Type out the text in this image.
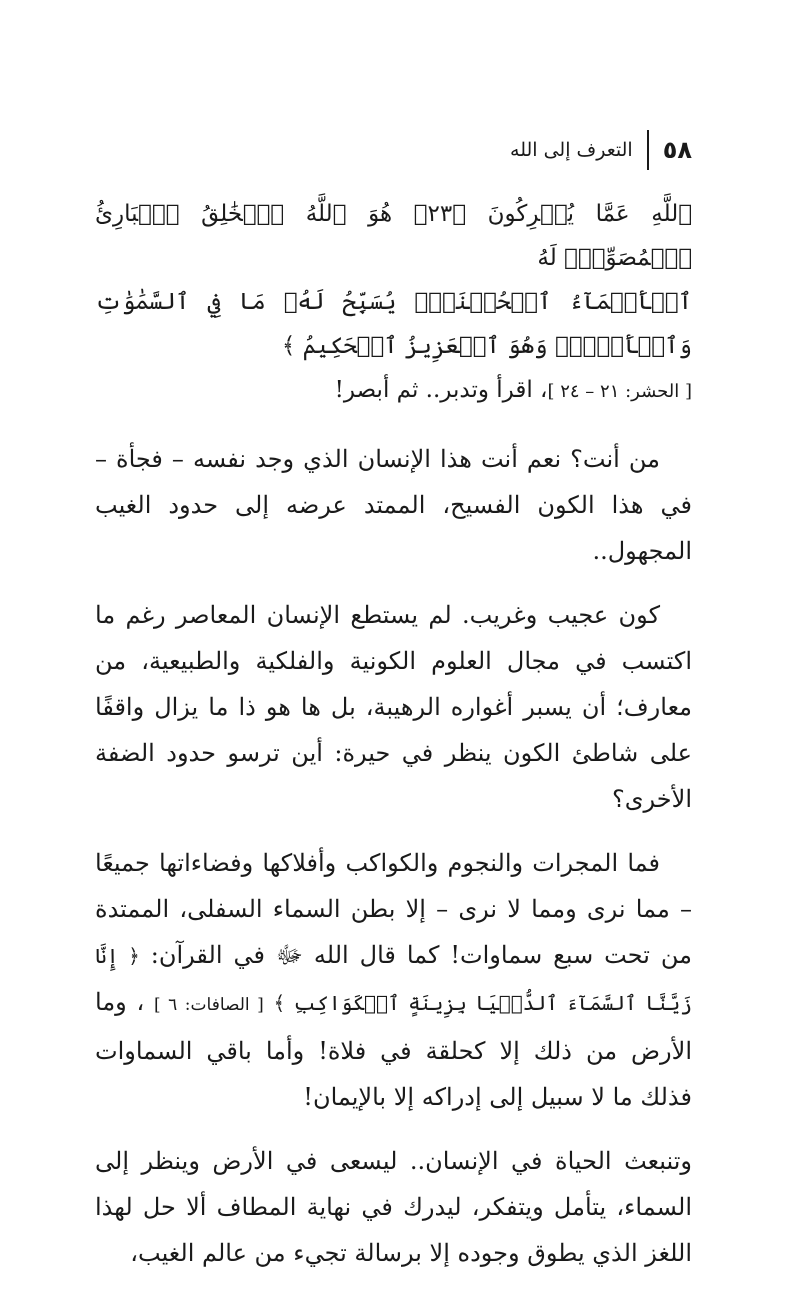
٥٨
التعرف إلى الله

ٱللَّهِ عَمَّا يُشۡرِكُونَ ﴿٢٣﴾ هُوَ ٱللَّهُ ٱلۡخَٰلِقُ ٱلۡبَارِئُ ٱلۡمُصَوِّرُۖ لَهُ

ٱلۡأَسۡمَآءُ ٱلۡحُسۡنَىٰۚ يُسَبِّحُ لَهُۥ مَا فِي ٱلسَّمَٰوَٰتِ وَٱلۡأَرۡضِۖ وَهُوَ ٱلۡعَزِيزُ ٱلۡحَكِيمُ ﴾

[ الحشر: ٢١ – ٢٤ ]، اقرأ وتدبر.. ثم أبصر!

من أنت؟ نعم أنت هذا الإنسان الذي وجد نفسه – فجأة – في هذا الكون الفسيح، الممتد عرضه إلى حدود الغيب المجهول..

كون عجيب وغريب. لم يستطع الإنسان المعاصر رغم ما اكتسب في مجال العلوم الكونية والفلكية والطبيعية، من معارف؛ أن يسبر أغواره الرهيبة، بل ها هو ذا ما يزال واقفًا على شاطئ الكون ينظر في حيرة: أين ترسو حدود الضفة الأخرى؟

فما المجرات والنجوم والكواكب وأفلاكها وفضاءاتها جميعًا – مما نرى ومما لا نرى – إلا بطن السماء السفلى، الممتدة من تحت سبع سماوات! كما قال الله ﷻ في القرآن: ﴿ إِنَّا زَيَّنَّا ٱلسَّمَآءَ ٱلدُّنۡيَا بِزِينَةٍ ٱلۡكَوَاكِبِ ﴾ [ الصافات: ٦ ] ، وما الأرض من ذلك إلا كحلقة في فلاة! وأما باقي السماوات فذلك ما لا سبيل إلى إدراكه إلا بالإيمان!

وتنبعث الحياة في الإنسان.. ليسعى في الأرض وينظر إلى السماء، يتأمل ويتفكر، ليدرك في نهاية المطاف ألا حل لهذا اللغز الذي يطوق وجوده إلا برسالة تجيء من عالم الغيب،
